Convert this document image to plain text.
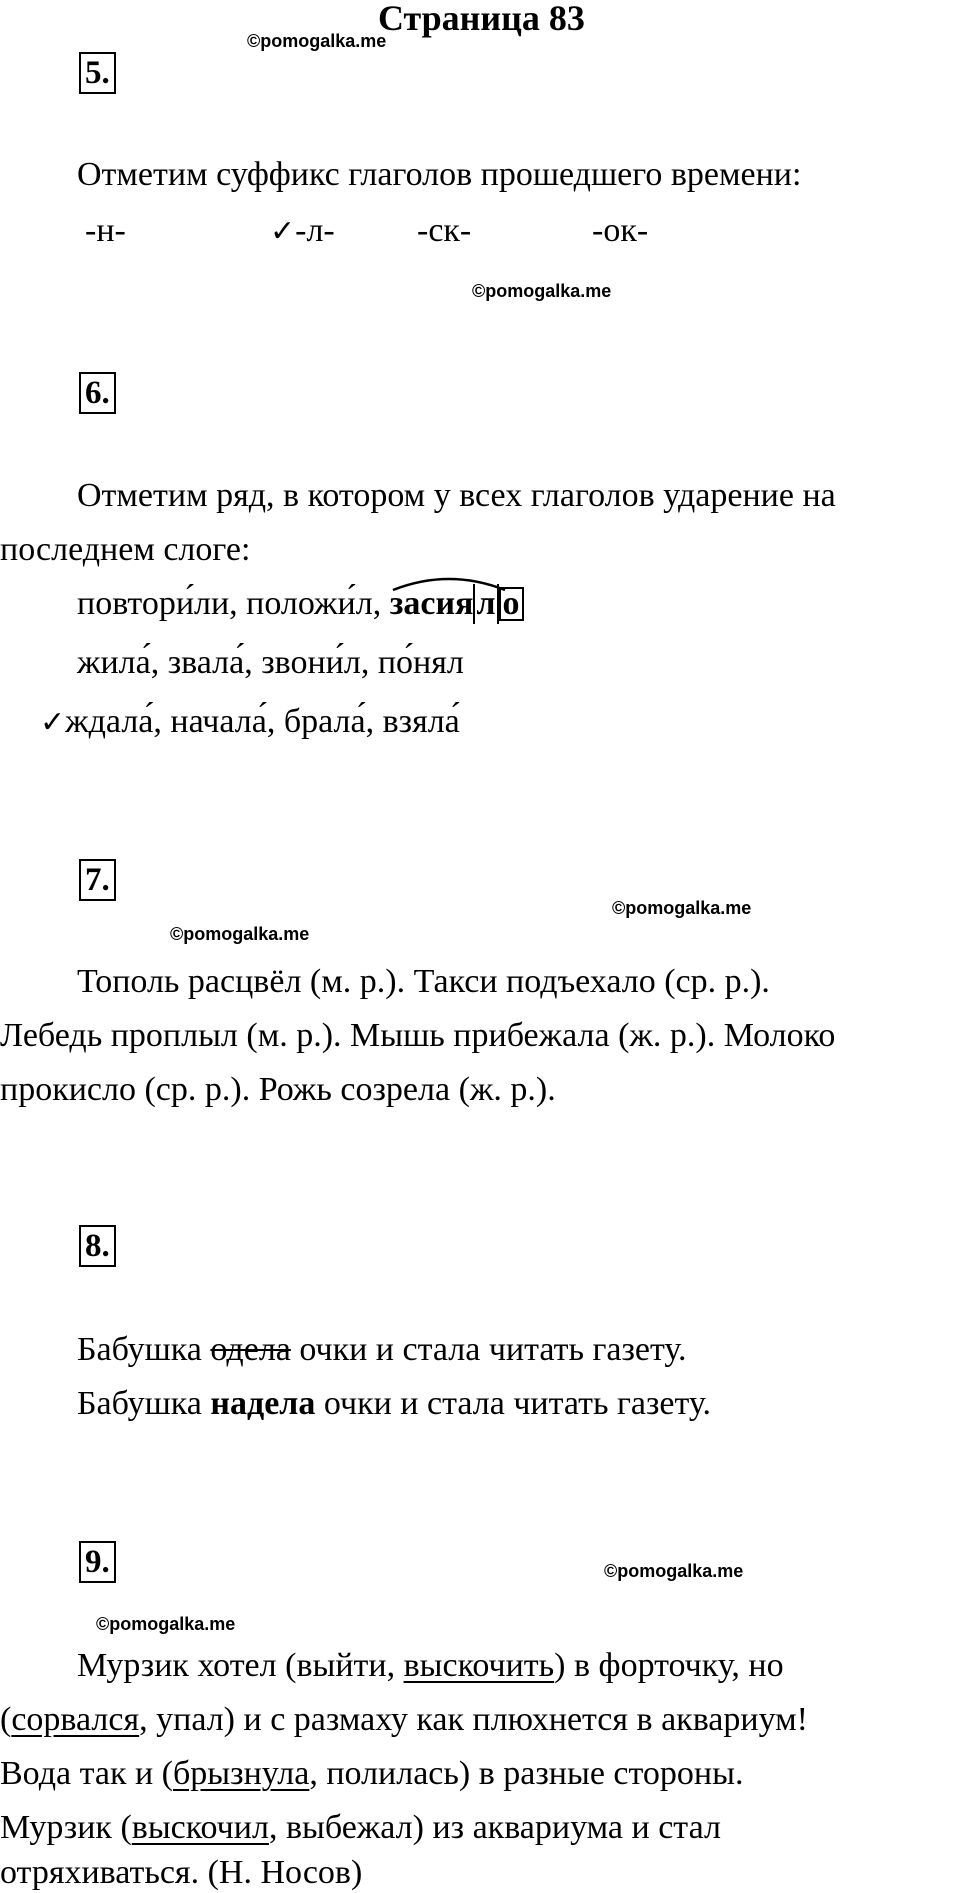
Страница 83
©pomogalka.me
©pomogalka.me
©pomogalka.me
©pomogalka.me
©pomogalka.me
©pomogalka.me
5.
Отметим суффикс глаголов прошедшего времени:
-н-	✓-л- -ск-	-ок-
6.
Отметим ряд, в котором у всех глаголов ударение на
последнем слоге:
повтори́ли, положи́л,
засиял о
жила́, звала́, звони́л, по́нял
✓ждала́, начала́, брала́, взяла́
7.
Тополь расцвёл (м. р.). Такси подъехало (ср. р.).
Лебедь проплыл (м. р.). Мышь прибежала (ж. р.). Молоко
прокисло (ср. р.). Рожь созрела (ж. р.).
8.
Бабушка одела очки и стала читать газету.
Бабушка надела очки и стала читать газету.
9.
Мурзик хотел (выйти, выскочить) в форточку, но
(сорвался, упал) и с размаху как плюхнется в аквариум!
Вода так и (брызнула, полилась) в разные стороны.
Мурзик (выскочил, выбежал) из аквариума и стал
отряхиваться. (Н. Носов)
